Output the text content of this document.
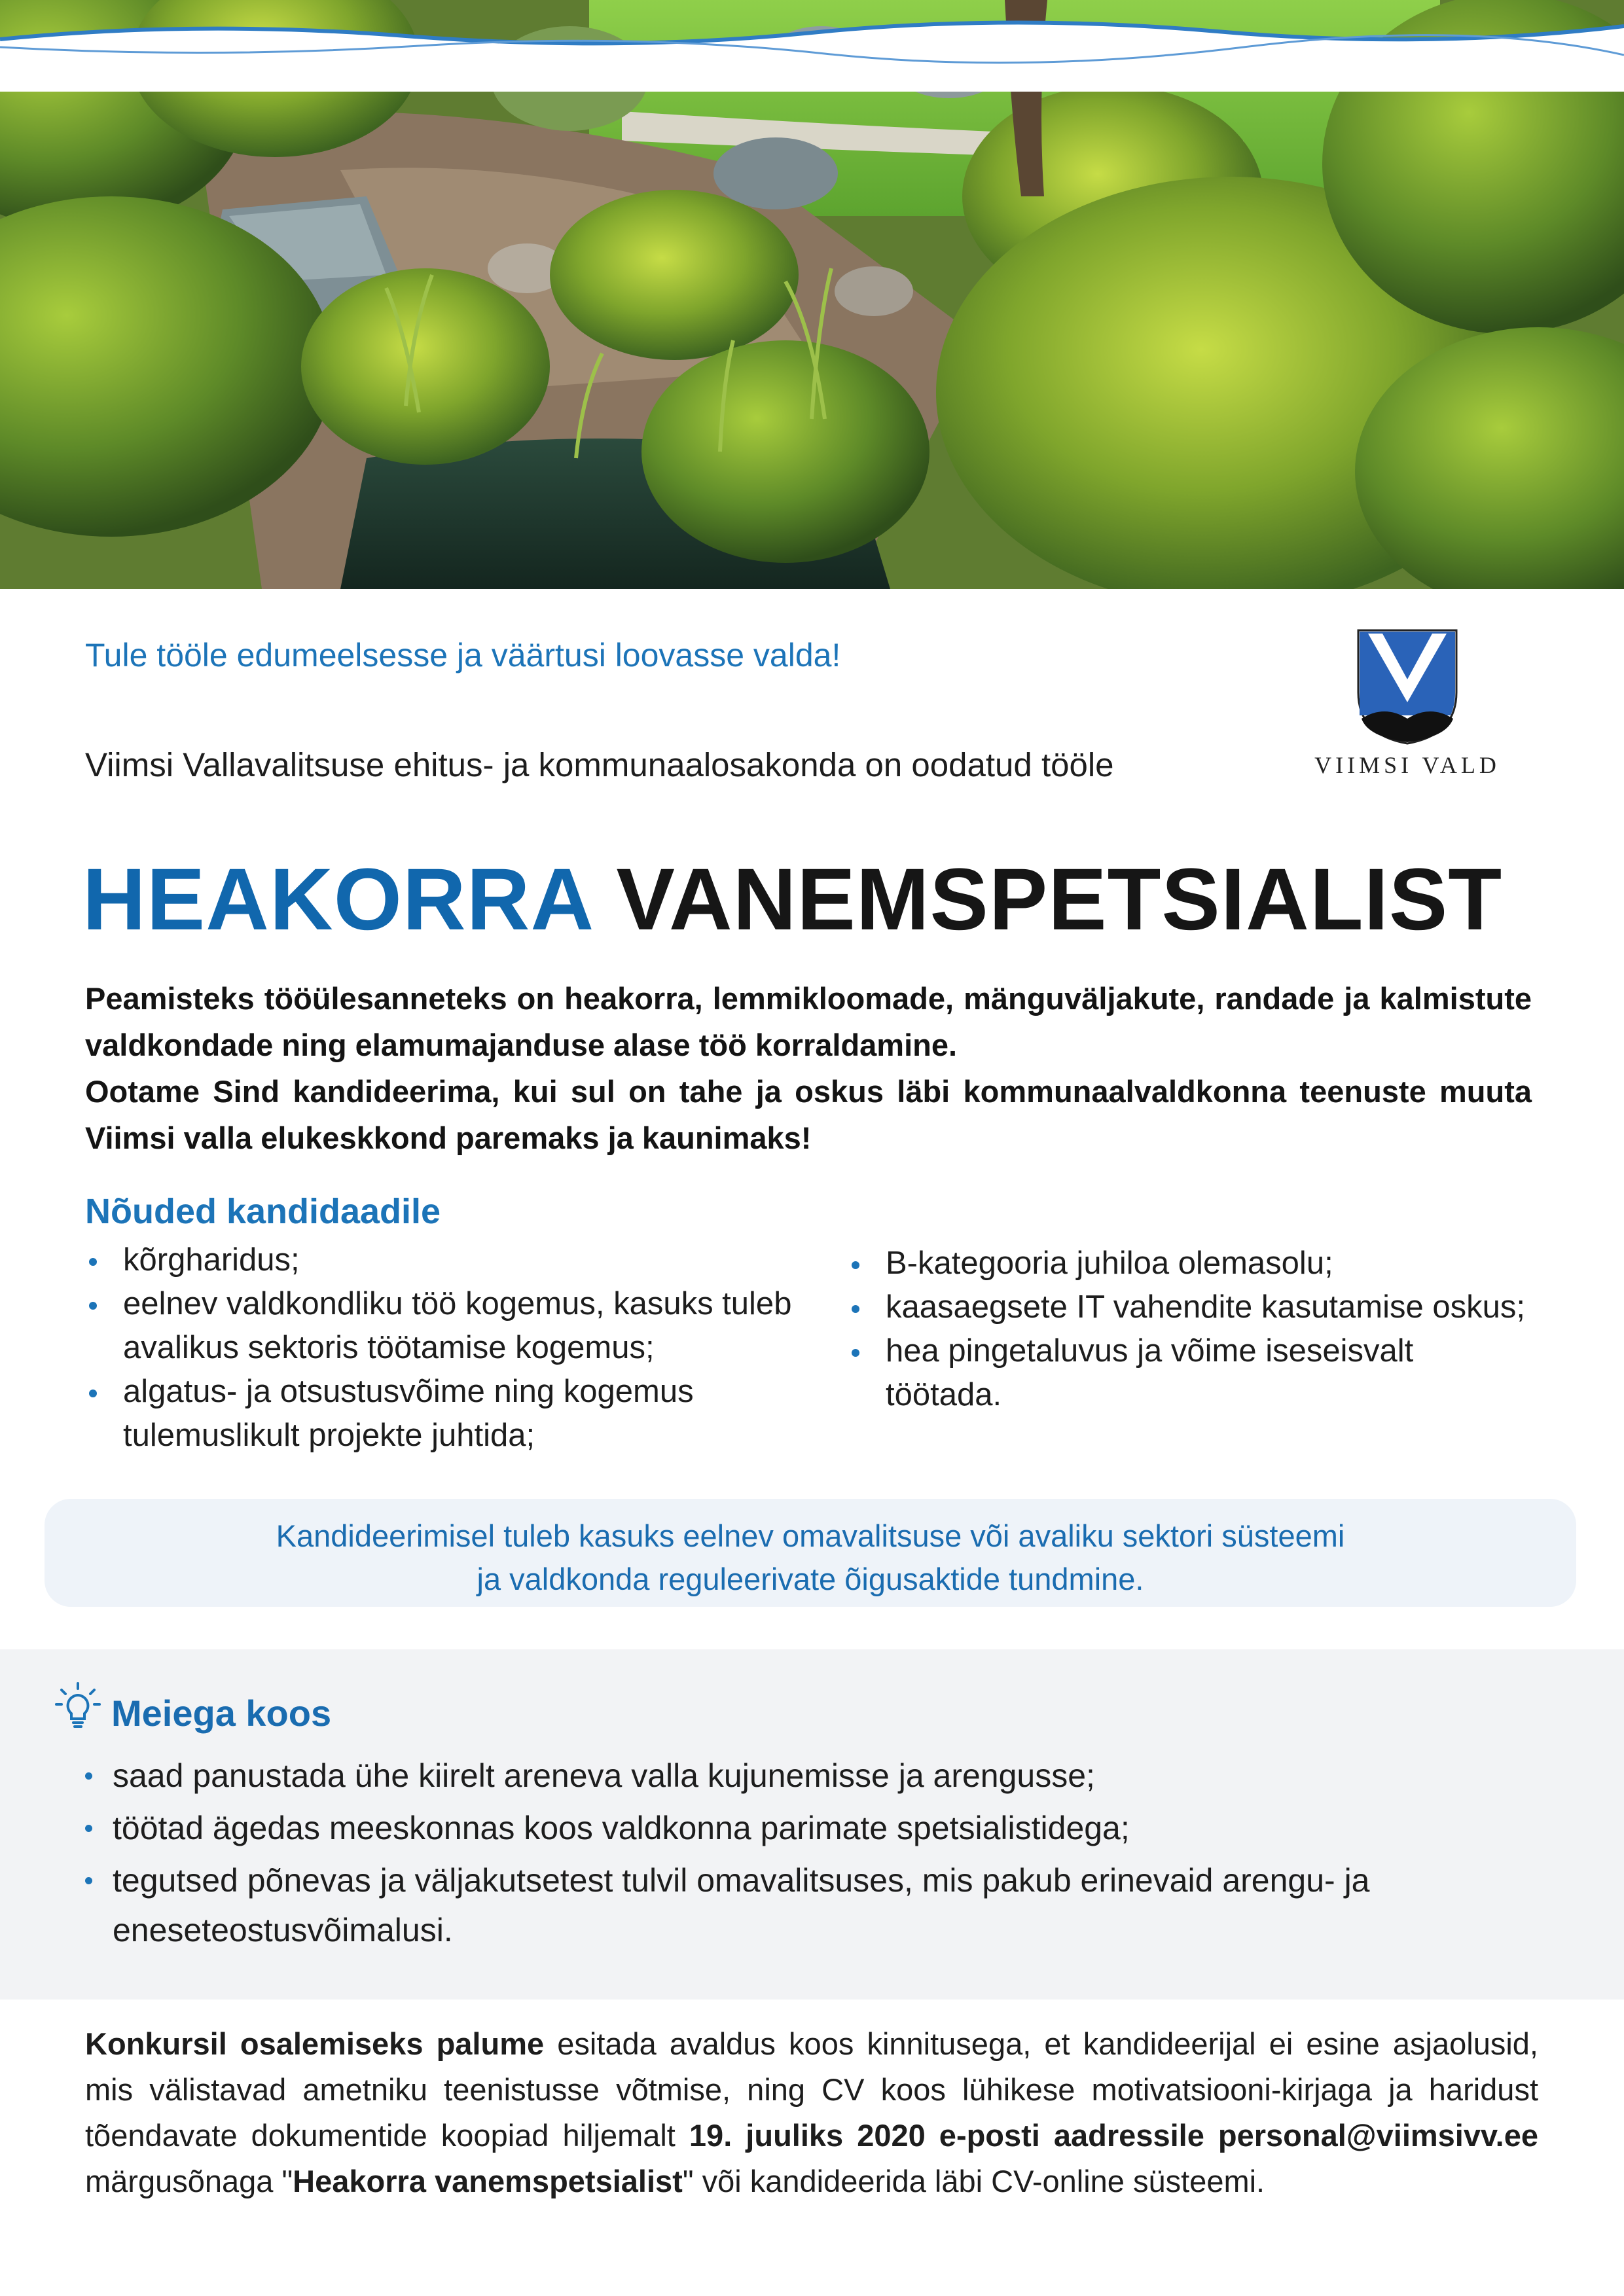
Tule tööle edumeelsesse ja väärtusi loovasse valda!
VIIMSI VALD
Viimsi Vallavalitsuse ehitus- ja kommunaalosakonda on oodatud tööle
HEAKORRA VANEMSPETSIALIST

Peamisteks tööülesanneteks on heakorra, lemmikloomade, mänguväljakute, randade ja kalmistute valdkondade ning elamumajanduse alase töö korraldamine.

Ootame Sind kandideerima, kui sul on tahe ja oskus läbi kommunaalvaldkonna teenuste muuta Viimsi valla elukeskkond paremaks ja kaunimaks!

Nõuded kandidaadile
kõrgharidus;
eelnev valdkondliku töö kogemus, kasuks tuleb avalikus sektoris töötamise kogemus;
algatus- ja otsustusvõime ning kogemus tulemuslikult projekte juhtida;
B-kategooria juhiloa olemasolu;
kaasaegsete IT vahendite kasutamise oskus;
hea pingetaluvus ja võime iseseisvalt töötada.
Kandideerimisel tuleb kasuks eelnev omavalitsuse või avaliku sektori süsteemi
ja valdkonda reguleerivate õigusaktide tundmine.
Meiega koos
saad panustada ühe kiirelt areneva valla kujunemisse ja arengusse;
töötad ägedas meeskonnas koos valdkonna parimate spetsialistidega;
tegutsed põnevas ja väljakutsetest tulvil omavalitsuses, mis pakub erinevaid arengu- ja eneseteostusvõimalusi.
Konkursil osalemiseks palume esitada avaldus koos kinnitusega, et kandideerijal ei esine asjaolusid, mis välistavad ametniku teenistusse võtmise, ning CV koos lühikese motivatsiooni-kirjaga ja haridust tõendavate dokumentide koopiad hiljemalt 19. juuliks 2020 e-posti aadressile personal@viimsivv.ee märgusõnaga "Heakorra vanemspetsialist" või kandideerida läbi CV-online süsteemi.
